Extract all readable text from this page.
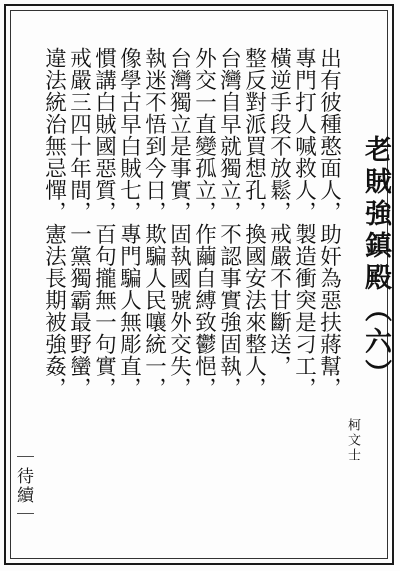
老賊強鎮殿（六）
柯文士
出有彼種憨面人，助奸為惡扶蔣幫，
專門打人喊救人，製造衝突是刁工，
橫逆手段不放鬆，戒嚴不甘斷送，
整反對派買想孔，換國安法來整人，
台灣自早就獨立，不認事實強固執，
外交一直變孤立，作繭自縛致鬱悒，
台灣獨立是事實，固執國號外交失，
執迷不悟到今日，欺騙人民嚷統一，
像學古早白賊七，專門騙人無彫直，
慣講白賊國惡質，百句攏無一句實，
｜待續｜
戒嚴三四十年間，一黨獨霸最野蠻，
違法統治無忌憚，憲法長期被強姦，
